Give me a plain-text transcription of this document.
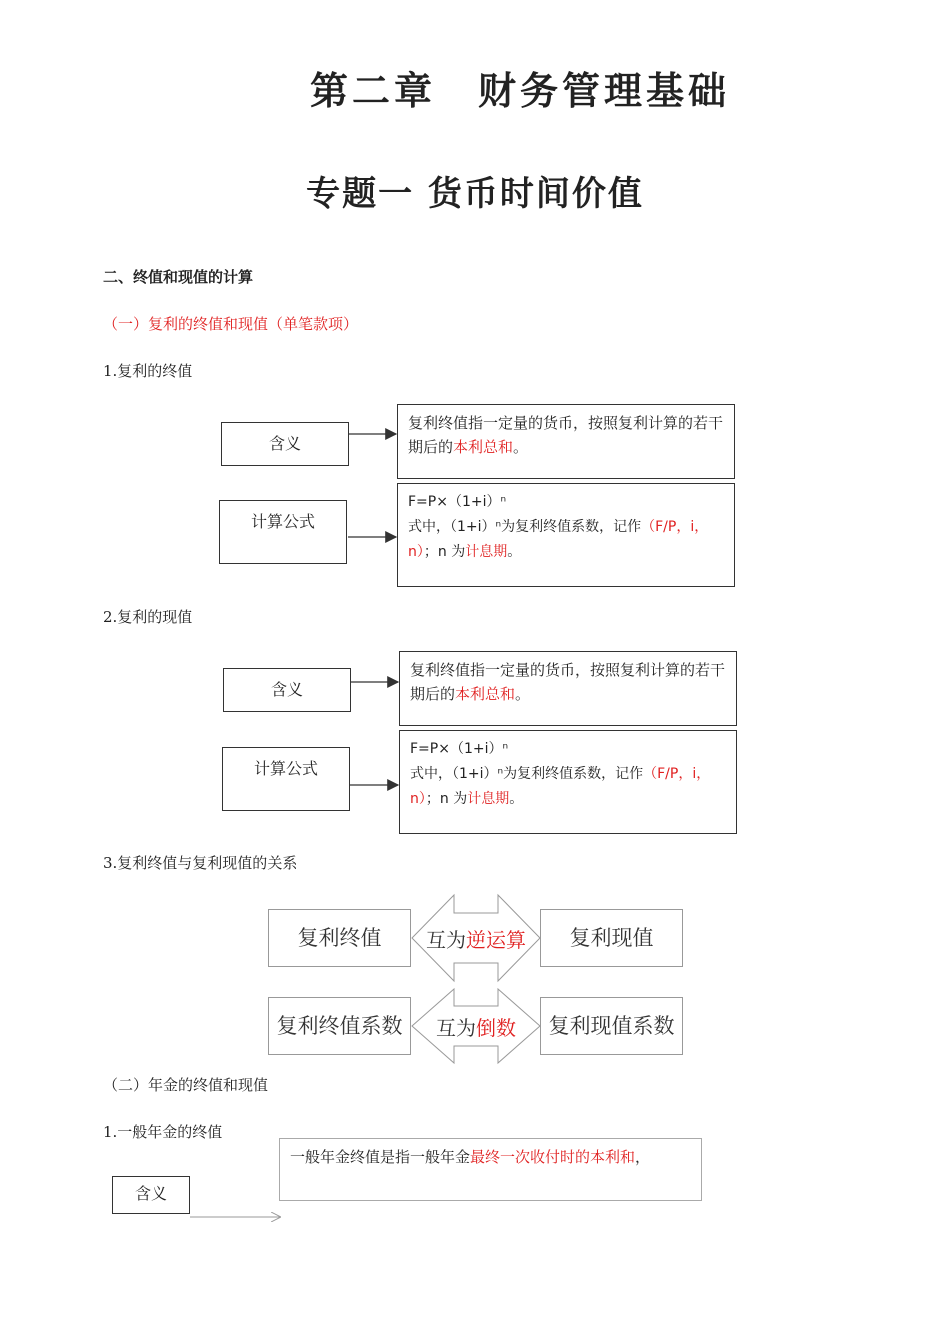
第二章　财务管理基础
专题一 货币时间价值
二、终值和现值的计算
（一）复利的终值和现值（单笔款项）
1.复利的终值
含义
复利终值指一定量的货币，按照复利计算的若干期后的本利总和。
计算公式
F=P×（1+i）ⁿ
式中，（1+i）ⁿ为复利终值系数，记作（F/P，i，n）；n 为计息期。
2.复利的现值
含义
复利终值指一定量的货币，按照复利计算的若干期后的本利总和。
计算公式
F=P×（1+i）ⁿ
式中，（1+i）ⁿ为复利终值系数，记作（F/P，i，n）；n 为计息期。
3.复利终值与复利现值的关系
复利终值	复利现值
互为逆运算
复利终值系数	复利现值系数
互为倒数
（二）年金的终值和现值
1.一般年金的终值
一般年金终值是指一般年金最终一次收付时的本利和，
含义
